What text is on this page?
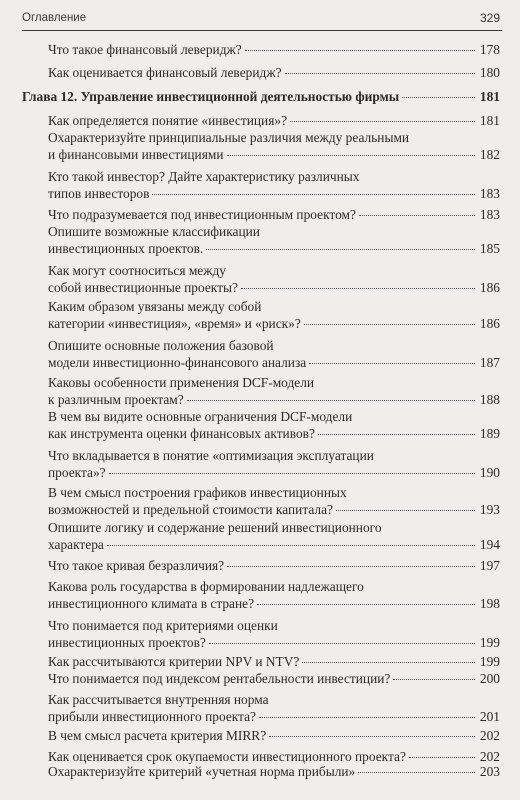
Оглавление	329
Что такое финансовый левeридж?	178
Как оценивается финансовый левeридж?	180
Глава 12. Управление инвестиционной деятельностью фирмы	181
Как определяется понятие «инвестиция»?	181
Охарактеризуйте принципиальные различия между реальными
и финансовыми инвестициями	182
Кто такой инвестор? Дайте характеристику различных
типов инвесторов	183
Что подразумевается под инвестиционным проектом?	183
Опишите возможные классификации
инвестиционных проектов.	185
Как могут соотноситься между
собой инвестиционные проекты?	186
Каким образом увязаны между собой
категории «инвестиция», «время» и «риск»?	186
Опишите основные положения базовой
модели инвестиционно-финансового анализа	187
Каковы особенности применения DCF-модели
к различным проектам?	188
В чем вы видите основные ограничения DCF-модели
как инструмента оценки финансовых активов?	189
Что вкладывается в понятие «оптимизация эксплуатации
проекта»?	190
В чем смысл построения графиков инвестиционных
возможностей и предельной стоимости капитала?	193
Опишите логику и содержание решений инвестиционного
характера	194
Что такое кривая безразличия?	197
Какова роль государства в формировании надлежащего
инвестиционного климата в стране?	198
Что понимается под критериями оценки
инвестиционных проектов?	199
Как рассчитываются критерии NPV и NTV?	199
Что понимается под индексом рентабельности инвестиции?	200
Как рассчитывается внутренняя норма
прибыли инвестиционного проекта?	201
В чем смысл расчета критерия MIRR?	202
Как оценивается срок окупаемости инвестиционного проекта?	202
Охарактеризуйте критерий «учетная норма прибыли»	203
